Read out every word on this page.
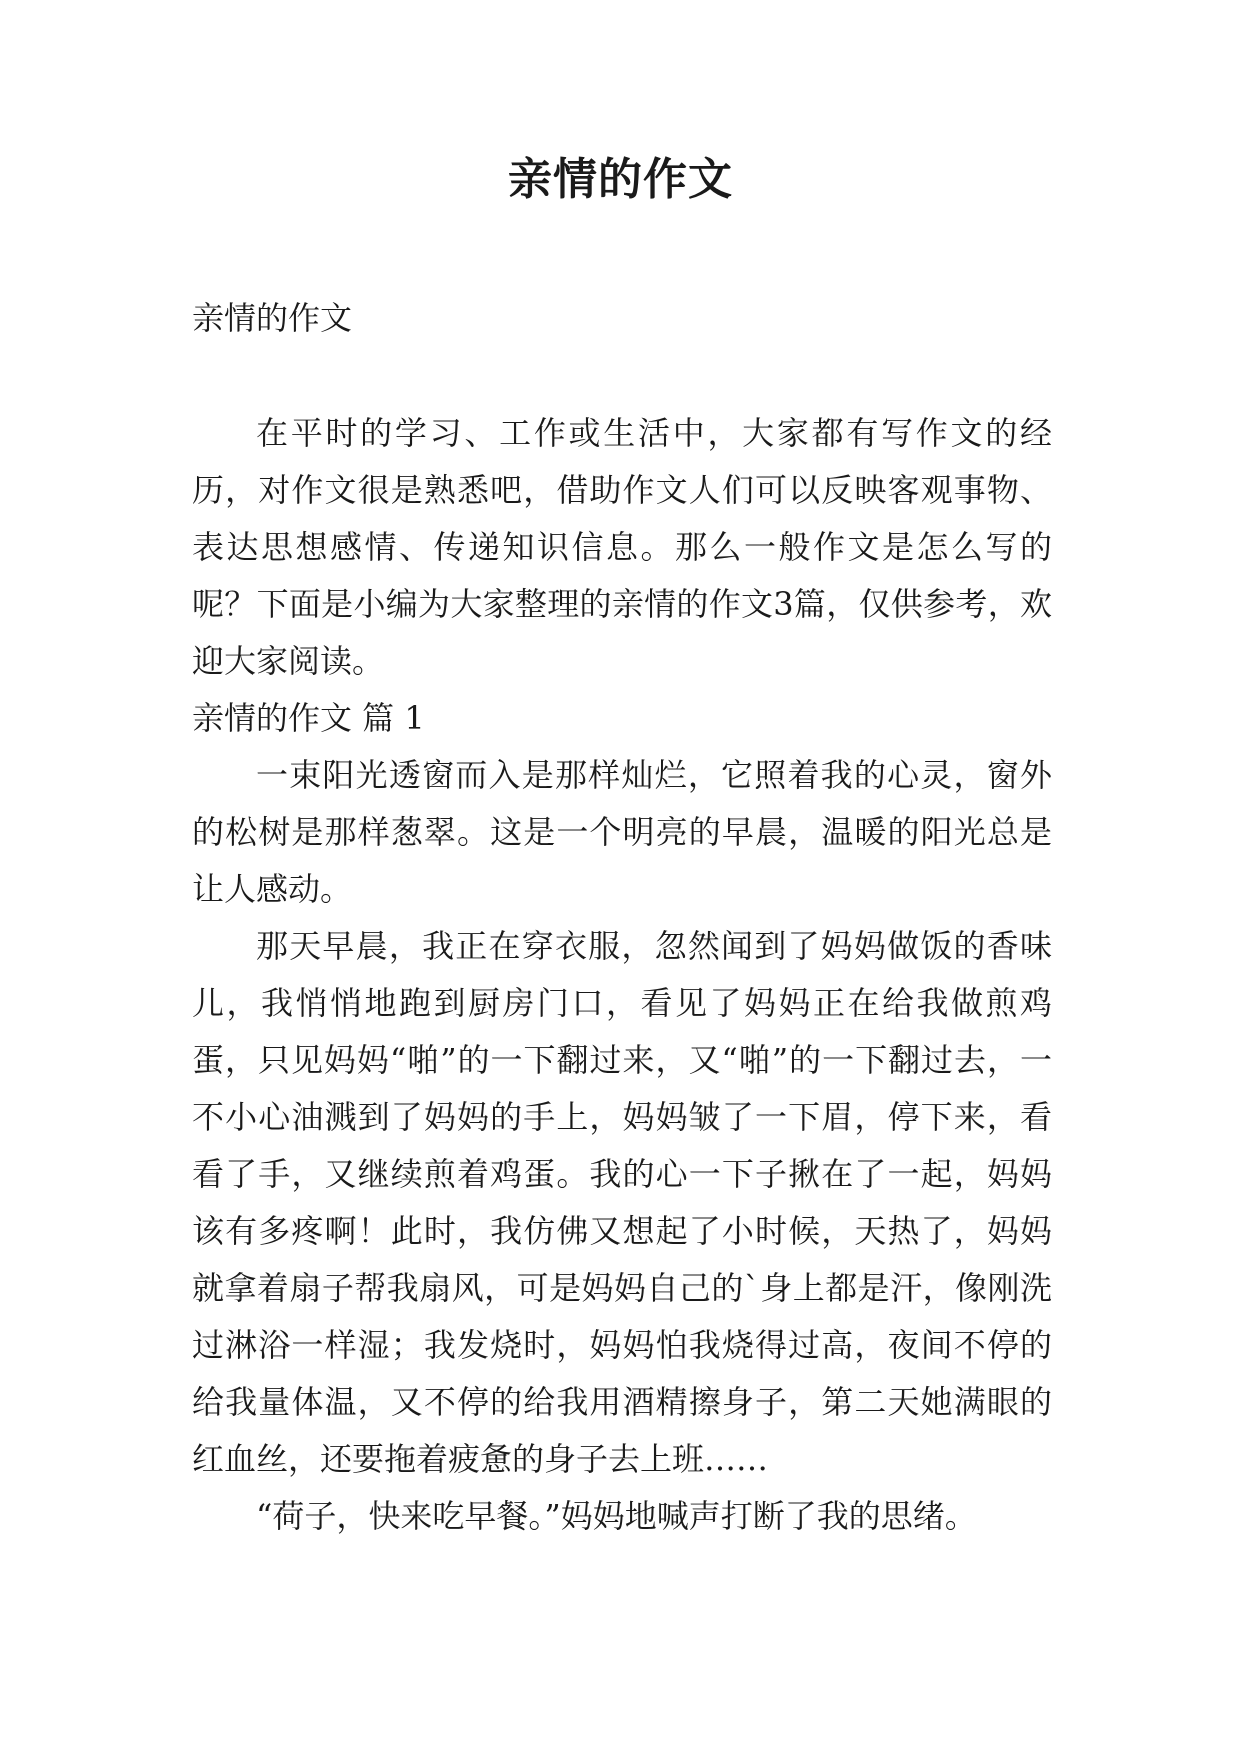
亲情的作文

亲情的作文

在平时的学习、工作或生活中，大家都有写作文的经历，对作文很是熟悉吧，借助作文人们可以反映客观事物、表达思想感情、传递知识信息。那么一般作文是怎么写的呢？下面是小编为大家整理的亲情的作文3篇，仅供参考，欢迎大家阅读。

亲情的作文 篇 1

一束阳光透窗而入是那样灿烂，它照着我的心灵，窗外的松树是那样葱翠。这是一个明亮的早晨，温暖的阳光总是让人感动。

那天早晨，我正在穿衣服，忽然闻到了妈妈做饭的香味儿，我悄悄地跑到厨房门口，看见了妈妈正在给我做煎鸡蛋，只见妈妈“啪”的一下翻过来，又“啪”的一下翻过去，一不小心油溅到了妈妈的手上，妈妈皱了一下眉，停下来，看看了手，又继续煎着鸡蛋。我的心一下子揪在了一起，妈妈该有多疼啊！此时，我仿佛又想起了小时候，天热了，妈妈就拿着扇子帮我扇风，可是妈妈自己的`身上都是汗，像刚洗过淋浴一样湿；我发烧时，妈妈怕我烧得过高，夜间不停的给我量体温，又不停的给我用酒精擦身子，第二天她满眼的红血丝，还要拖着疲惫的身子去上班……

“荷子，快来吃早餐。”妈妈地喊声打断了我的思绪。
